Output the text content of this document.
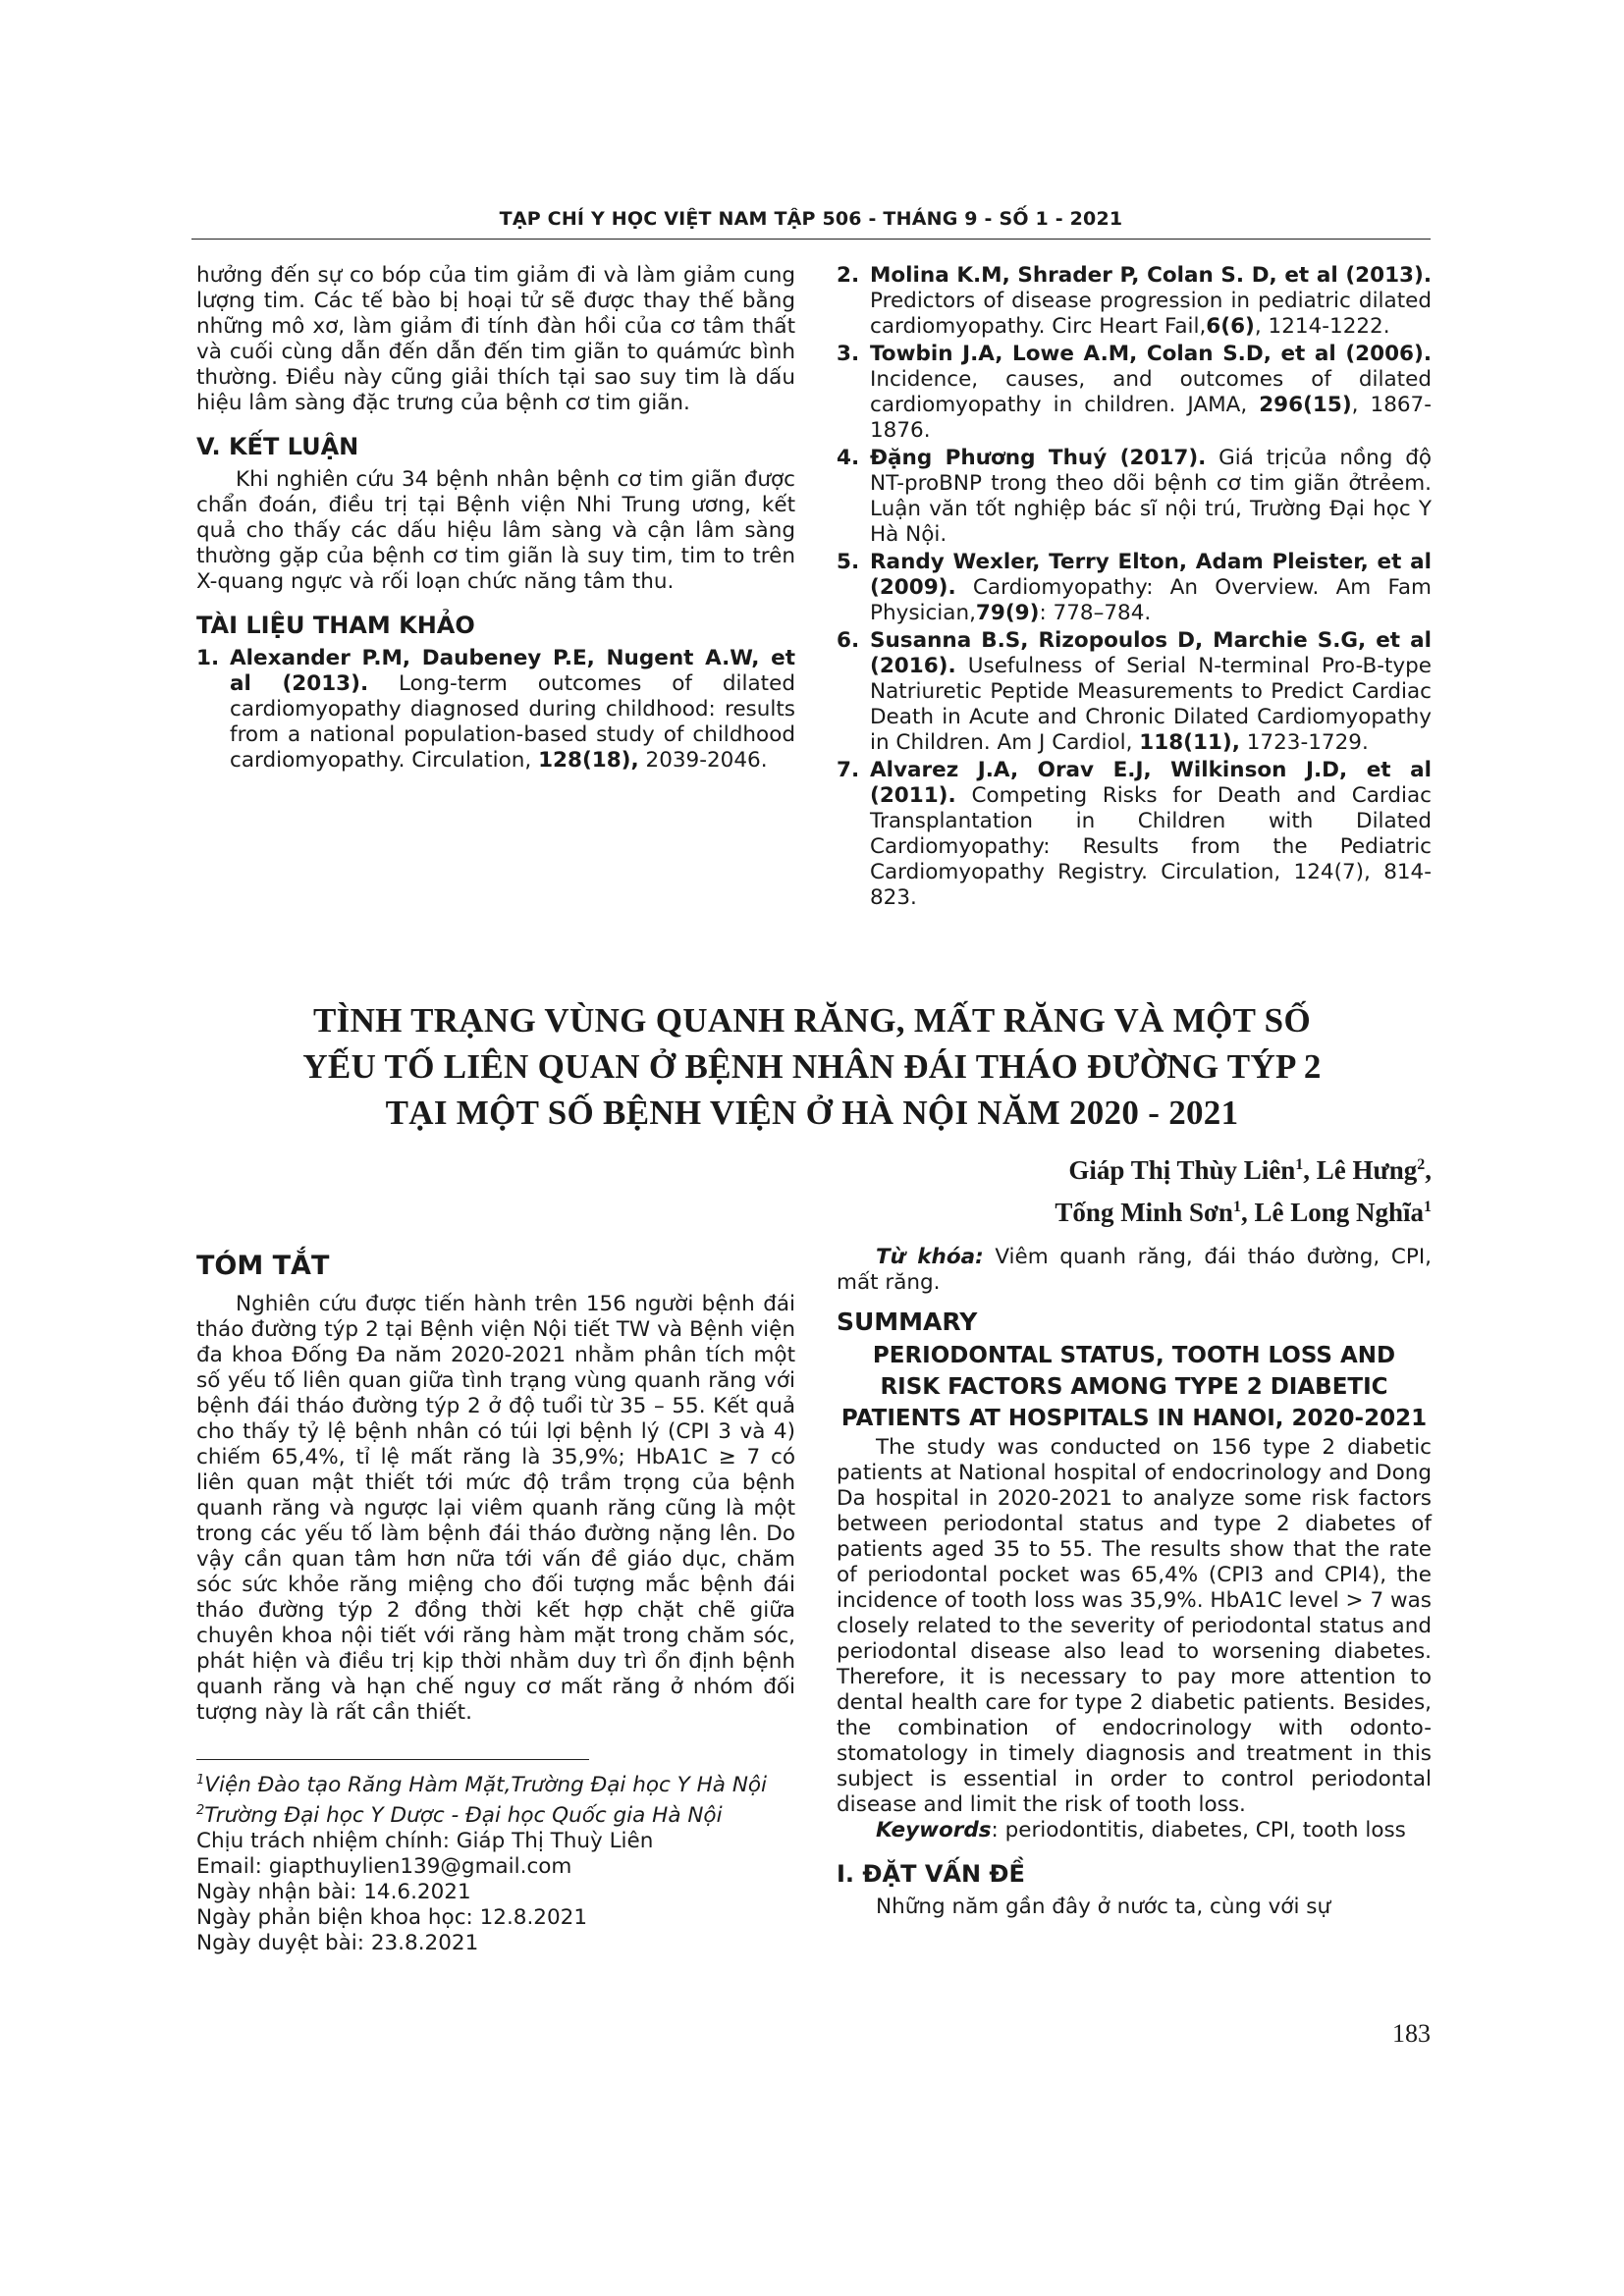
TẠP CHÍ Y HỌC VIỆT NAM TẬP 506 - THÁNG 9 - SỐ 1 - 2021

hưởng đến sự co bóp của tim giảm đi và làm giảm cung lượng tim. Các tế bào bị hoại tử sẽ được thay thế bằng những mô xơ, làm giảm đi tính đàn hồi của cơ tâm thất và cuối cùng dẫn đến dẫn đến tim giãn to quámức bình thường. Điều này cũng giải thích tại sao suy tim là dấu hiệu lâm sàng đặc trưng của bệnh cơ tim giãn.

V. KẾT LUẬN

Khi nghiên cứu 34 bệnh nhân bệnh cơ tim giãn được chẩn đoán, điều trị tại Bệnh viện Nhi Trung ương, kết quả cho thấy các dấu hiệu lâm sàng và cận lâm sàng thường gặp của bệnh cơ tim giãn là suy tim, tim to trên X-quang ngực và rối loạn chức năng tâm thu.

TÀI LIỆU THAM KHẢO

1. Alexander P.M, Daubeney P.E, Nugent A.W, et al (2013). Long-term outcomes of dilated cardiomyopathy diagnosed during childhood: results from a national population-based study of childhood cardiomyopathy. Circulation, 128(18), 2039-2046.

2. Molina K.M, Shrader P, Colan S. D, et al (2013). Predictors of disease progression in pediatric dilated cardiomyopathy. Circ Heart Fail,6(6), 1214-1222.

3. Towbin J.A, Lowe A.M, Colan S.D, et al (2006). Incidence, causes, and outcomes of dilated cardiomyopathy in children. JAMA, 296(15), 1867-1876.

4. Đặng Phương Thuý (2017). Giá trịcủa nồng độ NT-proBNP trong theo dõi bệnh cơ tim giãn ởtrẻem. Luận văn tốt nghiệp bác sĩ nội trú, Trường Đại học Y Hà Nội.

5. Randy Wexler, Terry Elton, Adam Pleister, et al (2009). Cardiomyopathy: An Overview. Am Fam Physician,79(9): 778–784.

6. Susanna B.S, Rizopoulos D, Marchie S.G, et al (2016). Usefulness of Serial N-terminal Pro-B-type Natriuretic Peptide Measurements to Predict Cardiac Death in Acute and Chronic Dilated Cardiomyopathy in Children. Am J Cardiol, 118(11), 1723-1729.

7. Alvarez J.A, Orav E.J, Wilkinson J.D, et al (2011). Competing Risks for Death and Cardiac Transplantation in Children with Dilated Cardiomyopathy: Results from the Pediatric Cardiomyopathy Registry. Circulation, 124(7), 814-823.

TÌNH TRẠNG VÙNG QUANH RĂNG, MẤT RĂNG VÀ MỘT SỐ
YẾU TỐ LIÊN QUAN Ở BỆNH NHÂN ĐÁI THÁO ĐƯỜNG TÝP 2
TẠI MỘT SỐ BỆNH VIỆN Ở HÀ NỘI NĂM 2020 - 2021
Giáp Thị Thùy Liên$^1$, Lê Hưng$^2$,
Tống Minh Sơn$^1$, Lê Long Nghĩa$^1$
TÓM TẮT

Nghiên cứu được tiến hành trên 156 người bệnh đái tháo đường týp 2 tại Bệnh viện Nội tiết TW và Bệnh viện đa khoa Đống Đa năm 2020-2021 nhằm phân tích một số yếu tố liên quan giữa tình trạng vùng quanh răng với bệnh đái tháo đường týp 2 ở độ tuổi từ 35 – 55. Kết quả cho thấy tỷ lệ bệnh nhân có túi lợi bệnh lý (CPI 3 và 4) chiếm 65,4%, tỉ lệ mất răng là 35,9%; HbA1C ≥ 7 có liên quan mật thiết tới mức độ trầm trọng của bệnh quanh răng và ngược lại viêm quanh răng cũng là một trong các yếu tố làm bệnh đái tháo đường nặng lên. Do vậy cần quan tâm hơn nữa tới vấn đề giáo dục, chăm sóc sức khỏe răng miệng cho đối tượng mắc bệnh đái tháo đường týp 2 đồng thời kết hợp chặt chẽ giữa chuyên khoa nội tiết với răng hàm mặt trong chăm sóc, phát hiện và điều trị kịp thời nhằm duy trì ổn định bệnh quanh răng và hạn chế nguy cơ mất răng ở nhóm đối tượng này là rất cần thiết.

$^1$Viện Đào tạo Răng Hàm Mặt,Trường Đại học Y Hà Nội

$^2$Trường Đại học Y Dược - Đại học Quốc gia Hà Nội

Chịu trách nhiệm chính: Giáp Thị Thuỳ Liên

Email: giapthuylien139@gmail.com

Ngày nhận bài: 14.6.2021

Ngày phản biện khoa học: 12.8.2021

Ngày duyệt bài: 23.8.2021

Từ khóa: Viêm quanh răng, đái tháo đường, CPI, mất răng.

SUMMARY
PERIODONTAL STATUS, TOOTH LOSS AND
RISK FACTORS AMONG TYPE 2 DIABETIC
PATIENTS AT HOSPITALS IN HANOI, 2020-2021

The study was conducted on 156 type 2 diabetic patients at National hospital of endocrinology and Dong Da hospital in 2020-2021 to analyze some risk factors between periodontal status and type 2 diabetes of patients aged 35 to 55. The results show that the rate of periodontal pocket was 65,4% (CPI3 and CPI4), the incidence of tooth loss was 35,9%. HbA1C level > 7 was closely related to the severity of periodontal status and periodontal disease also lead to worsening diabetes. Therefore, it is necessary to pay more attention to dental health care for type 2 diabetic patients. Besides, the combination of endocrinology with odonto-stomatology in timely diagnosis and treatment in this subject is essential in order to control periodontal disease and limit the risk of tooth loss.

Keywords: periodontitis, diabetes, CPI, tooth loss

I. ĐẶT VẤN ĐỀ

Những năm gần đây ở nước ta, cùng với sự

183
